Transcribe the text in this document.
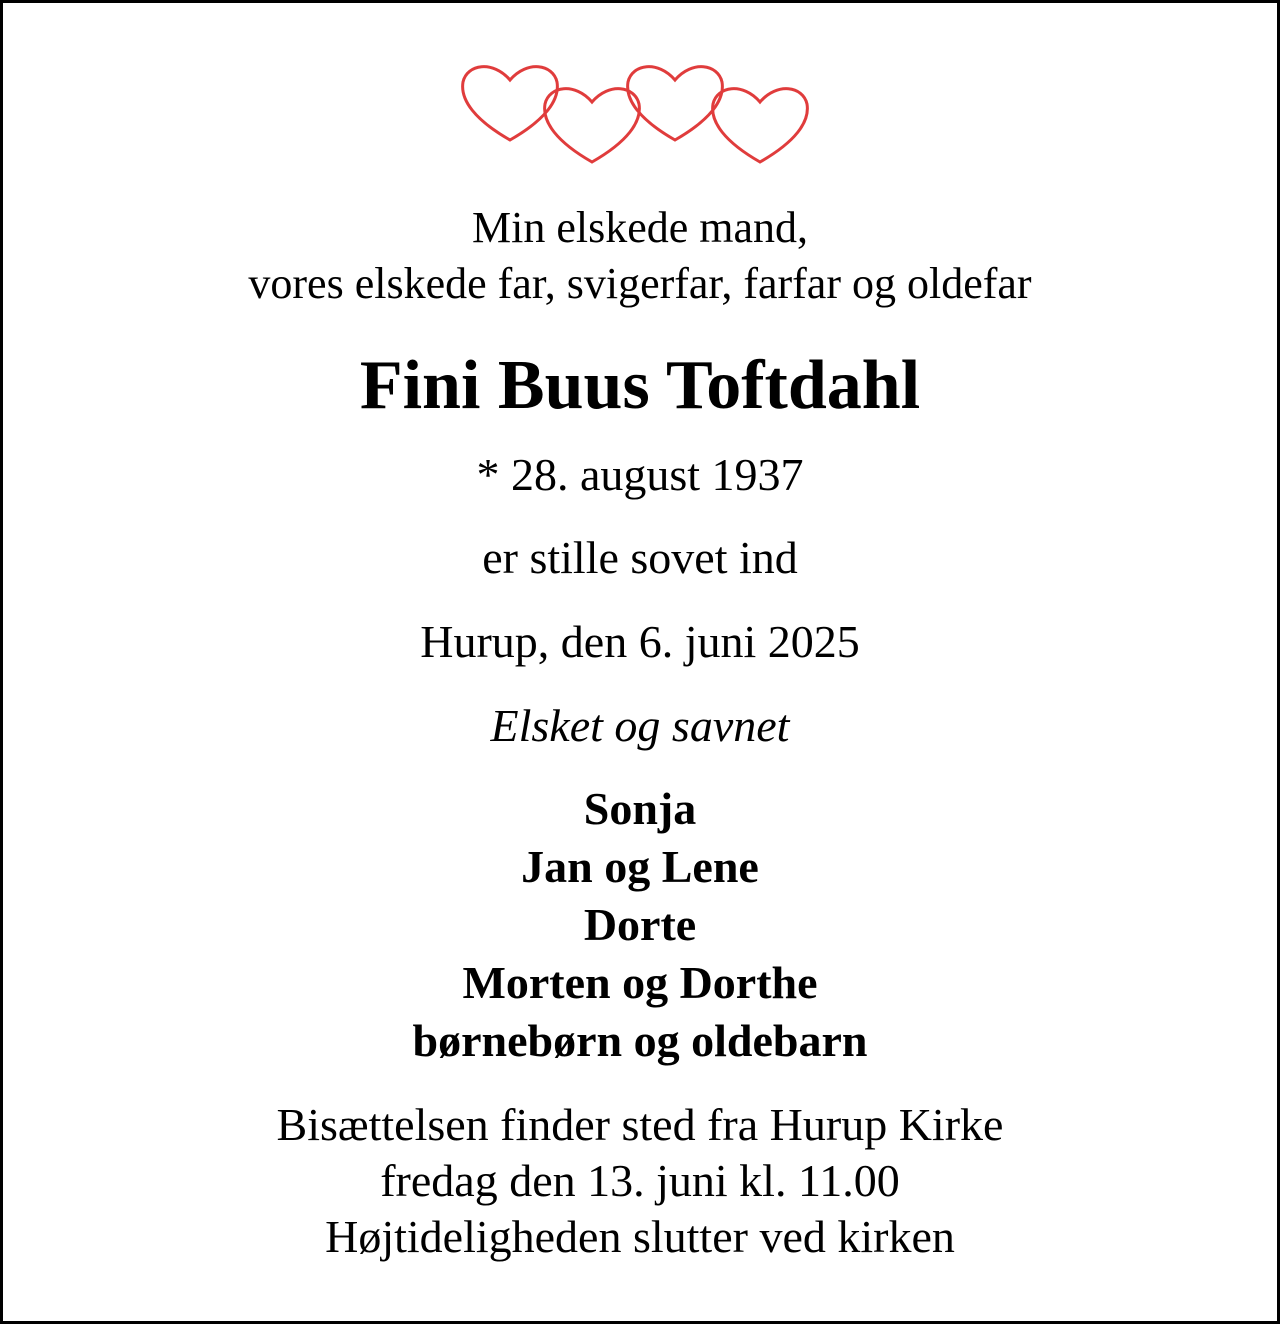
Min elskede mand,
vores elskede far, svigerfar, farfar og oldefar
Fini Buus Toftdahl
* 28. august 1937
er stille sovet ind
Hurup, den 6. juni 2025
Elsket og savnet
Sonja
Jan og Lene
Dorte
Morten og Dorthe
børnebørn og oldebarn
Bisættelsen finder sted fra Hurup Kirke
fredag den 13. juni kl. 11.00
Højtideligheden slutter ved kirken
